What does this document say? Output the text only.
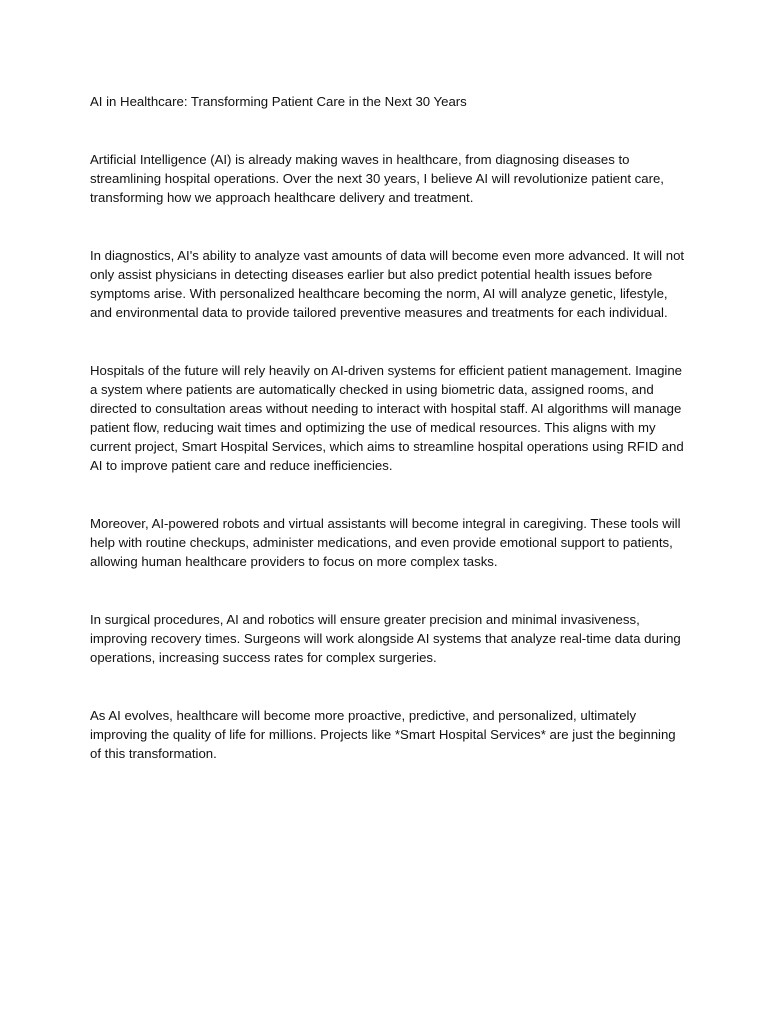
AI in Healthcare: Transforming Patient Care in the Next 30 Years

Artificial Intelligence (AI) is already making waves in healthcare, from diagnosing diseases to streamlining hospital operations. Over the next 30 years, I believe AI will revolutionize patient care, transforming how we approach healthcare delivery and treatment.

In diagnostics, AI's ability to analyze vast amounts of data will become even more advanced. It will not only assist physicians in detecting diseases earlier but also predict potential health issues before symptoms arise. With personalized healthcare becoming the norm, AI will analyze genetic, lifestyle, and environmental data to provide tailored preventive measures and treatments for each individual.

Hospitals of the future will rely heavily on AI-driven systems for efficient patient management. Imagine a system where patients are automatically checked in using biometric data, assigned rooms, and directed to consultation areas without needing to interact with hospital staff. AI algorithms will manage patient flow, reducing wait times and optimizing the use of medical resources. This aligns with my current project, Smart Hospital Services, which aims to streamline hospital operations using RFID and AI to improve patient care and reduce inefficiencies.

Moreover, AI-powered robots and virtual assistants will become integral in caregiving. These tools will help with routine checkups, administer medications, and even provide emotional support to patients, allowing human healthcare providers to focus on more complex tasks.

In surgical procedures, AI and robotics will ensure greater precision and minimal invasiveness, improving recovery times. Surgeons will work alongside AI systems that analyze real-time data during operations, increasing success rates for complex surgeries.

As AI evolves, healthcare will become more proactive, predictive, and personalized, ultimately improving the quality of life for millions. Projects like *Smart Hospital Services* are just the beginning of this transformation.
